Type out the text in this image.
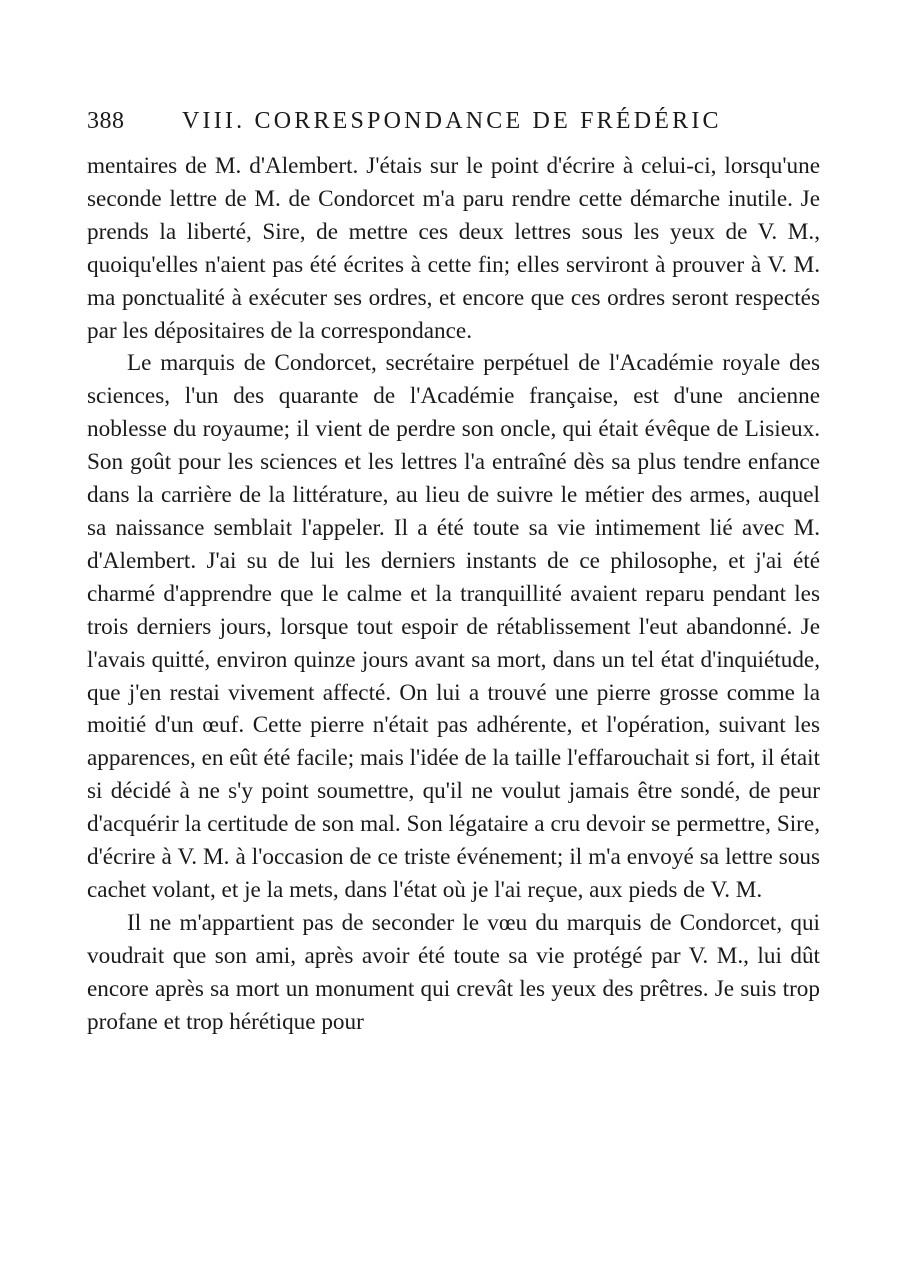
388	VIII. CORRESPONDANCE DE FRÉDÉRIC

mentaires de M. d'Alembert. J'étais sur le point d'écrire à celui-ci, lorsqu'une seconde lettre de M. de Condorcet m'a paru rendre cette démarche inutile. Je prends la liberté, Sire, de mettre ces deux lettres sous les yeux de V. M., quoiqu'elles n'aient pas été écrites à cette fin; elles serviront à prouver à V. M. ma ponctualité à exécuter ses ordres, et encore que ces ordres seront respectés par les dépositaires de la correspondance.

Le marquis de Condorcet, secrétaire perpétuel de l'Académie royale des sciences, l'un des quarante de l'Académie française, est d'une ancienne noblesse du royaume; il vient de perdre son oncle, qui était évêque de Lisieux. Son goût pour les sciences et les lettres l'a entraîné dès sa plus tendre enfance dans la carrière de la littérature, au lieu de suivre le métier des armes, auquel sa naissance semblait l'appeler. Il a été toute sa vie intimement lié avec M. d'Alembert. J'ai su de lui les derniers instants de ce philosophe, et j'ai été charmé d'apprendre que le calme et la tranquillité avaient reparu pendant les trois derniers jours, lorsque tout espoir de rétablissement l'eut abandonné. Je l'avais quitté, environ quinze jours avant sa mort, dans un tel état d'inquiétude, que j'en restai vivement affecté. On lui a trouvé une pierre grosse comme la moitié d'un œuf. Cette pierre n'était pas adhérente, et l'opération, suivant les apparences, en eût été facile; mais l'idée de la taille l'effarouchait si fort, il était si décidé à ne s'y point soumettre, qu'il ne voulut jamais être sondé, de peur d'acquérir la certitude de son mal. Son légataire a cru devoir se permettre, Sire, d'écrire à V. M. à l'occasion de ce triste événement; il m'a envoyé sa lettre sous cachet volant, et je la mets, dans l'état où je l'ai reçue, aux pieds de V. M.

Il ne m'appartient pas de seconder le vœu du marquis de Condorcet, qui voudrait que son ami, après avoir été toute sa vie protégé par V. M., lui dût encore après sa mort un monument qui crevât les yeux des prêtres. Je suis trop profane et trop hérétique pour
